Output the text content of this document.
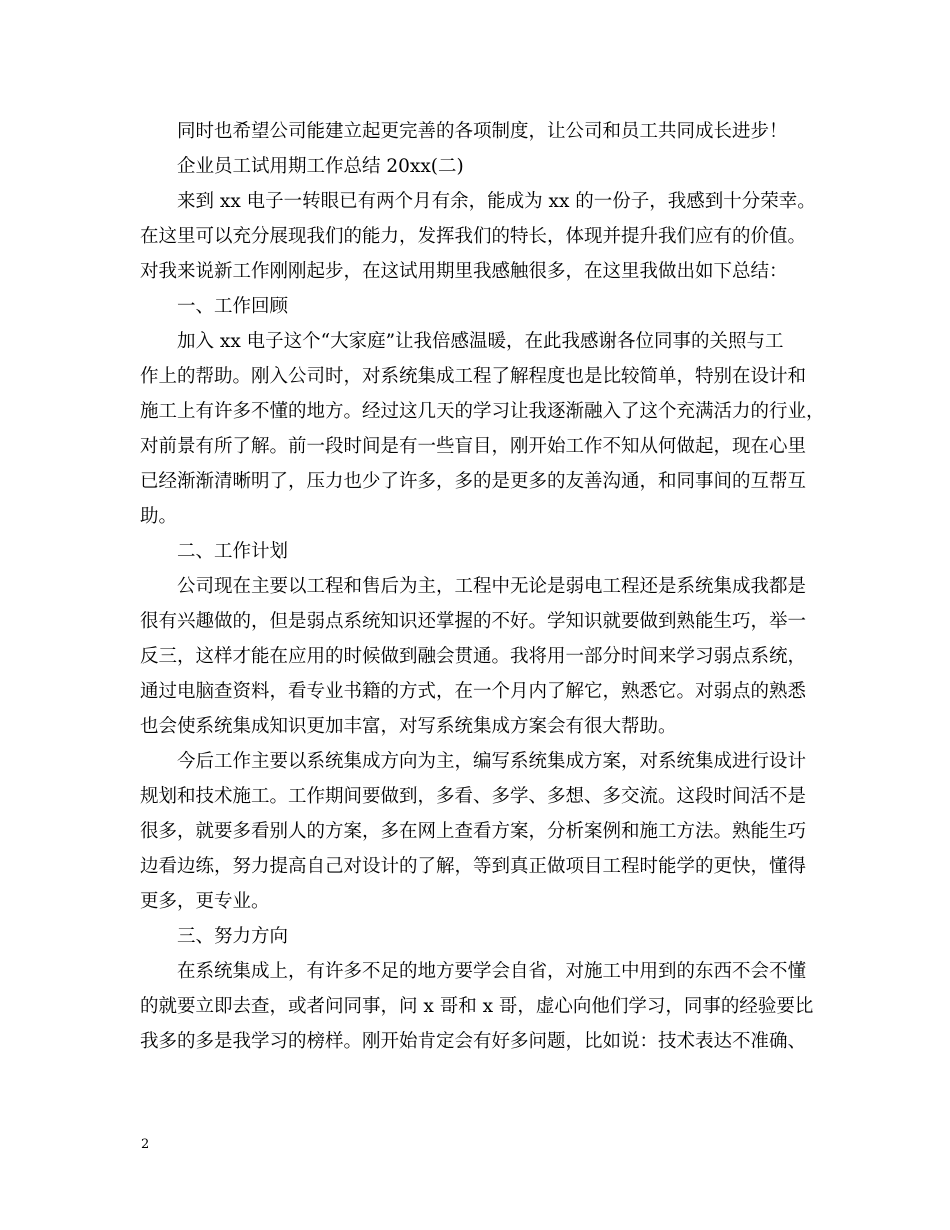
同时也希望公司能建立起更完善的各项制度，让公司和员工共同成长进步！
企业员工试用期工作总结 20xx(二)
来到 xx 电子一转眼已有两个月有余，能成为 xx 的一份子，我感到十分荣幸。
在这里可以充分展现我们的能力，发挥我们的特长，体现并提升我们应有的价值。
对我来说新工作刚刚起步，在这试用期里我感触很多，在这里我做出如下总结：
一、工作回顾
加入 xx 电子这个“大家庭”让我倍感温暖，在此我感谢各位同事的关照与工
作上的帮助。刚入公司时，对系统集成工程了解程度也是比较简单，特别在设计和
施工上有许多不懂的地方。经过这几天的学习让我逐渐融入了这个充满活力的行业，
对前景有所了解。前一段时间是有一些盲目，刚开始工作不知从何做起，现在心里
已经渐渐清晰明了，压力也少了许多，多的是更多的友善沟通，和同事间的互帮互
助。
二、工作计划
公司现在主要以工程和售后为主，工程中无论是弱电工程还是系统集成我都是
很有兴趣做的，但是弱点系统知识还掌握的不好。学知识就要做到熟能生巧，举一
反三，这样才能在应用的时候做到融会贯通。我将用一部分时间来学习弱点系统，
通过电脑查资料，看专业书籍的方式，在一个月内了解它，熟悉它。对弱点的熟悉
也会使系统集成知识更加丰富，对写系统集成方案会有很大帮助。
今后工作主要以系统集成方向为主，编写系统集成方案，对系统集成进行设计
规划和技术施工。工作期间要做到，多看、多学、多想、多交流。这段时间活不是
很多，就要多看别人的方案，多在网上查看方案，分析案例和施工方法。熟能生巧
边看边练，努力提高自己对设计的了解，等到真正做项目工程时能学的更快，懂得
更多，更专业。
三、努力方向
在系统集成上，有许多不足的地方要学会自省，对施工中用到的东西不会不懂
的就要立即去查，或者问同事，问 x 哥和 x 哥，虚心向他们学习，同事的经验要比
我多的多是我学习的榜样。刚开始肯定会有好多问题，比如说：技术表达不准确、
2
